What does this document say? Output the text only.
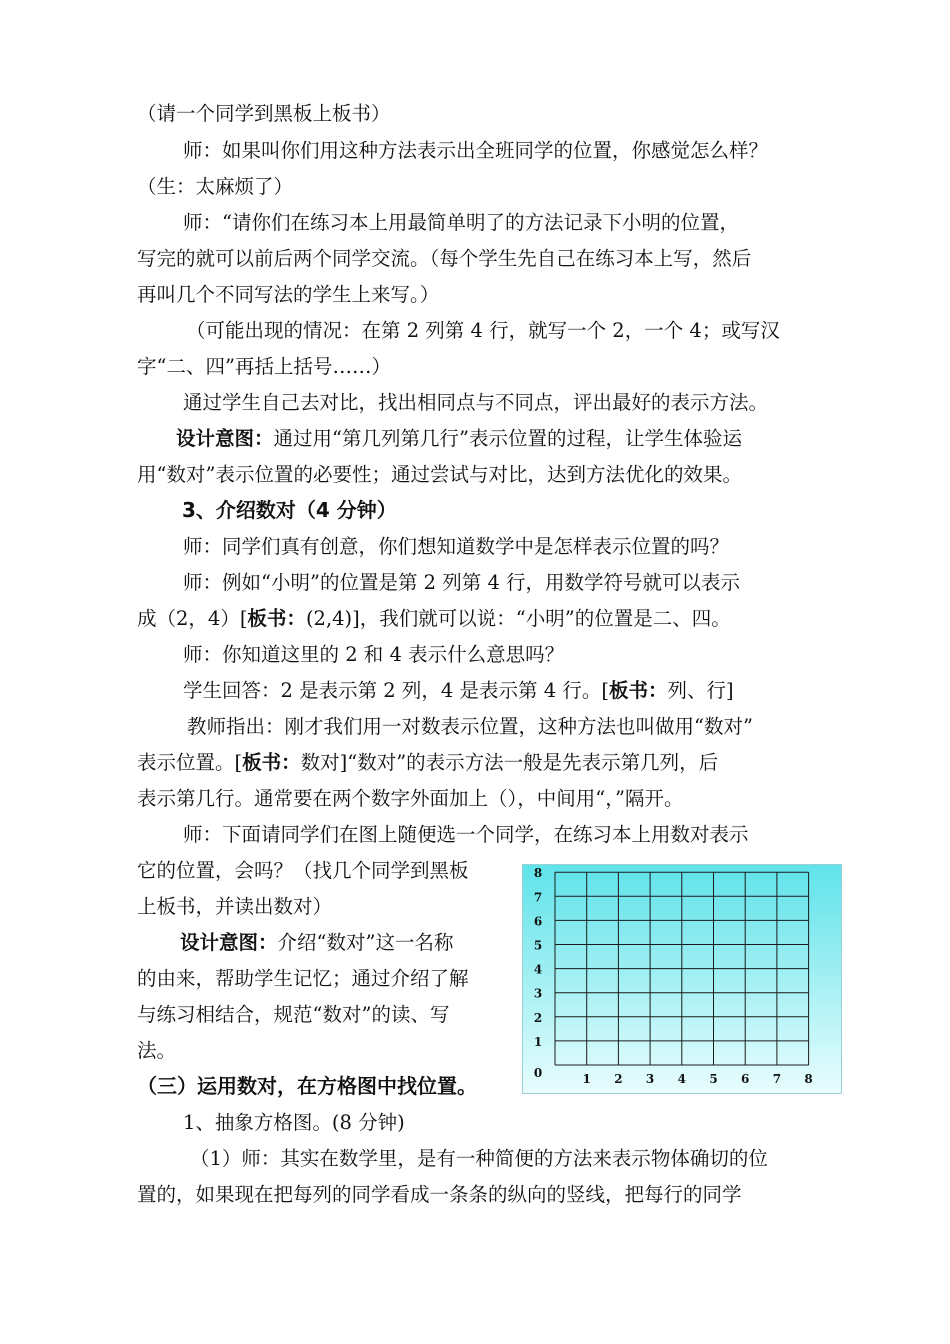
（请一个同学到黑板上板书）
师：如果叫你们用这种方法表示出全班同学的位置，你感觉怎么样？
（生：太麻烦了）
师：“请你们在练习本上用最简单明了的方法记录下小明的位置，
写完的就可以前后两个同学交流。（每个学生先自己在练习本上写，然后
再叫几个不同写法的学生上来写。）
（可能出现的情况：在第 2 列第 4 行，就写一个 2，一个 4；或写汉
字“二、四”再括上括号……）
通过学生自己去对比，找出相同点与不同点，评出最好的表示方法。
设计意图：通过用“第几列第几行”表示位置的过程，让学生体验运
用“数对”表示位置的必要性；通过尝试与对比，达到方法优化的效果。
3、介绍数对（4 分钟）
师：同学们真有创意，你们想知道数学中是怎样表示位置的吗？
师：例如“小明”的位置是第 2 列第 4 行，用数学符号就可以表示
成（2，4）[板书：(2,4)]，我们就可以说：“小明”的位置是二、四。
师：你知道这里的 2 和 4 表示什么意思吗？
学生回答：2 是表示第 2 列，4 是表示第 4 行。[板书：列、行]
教师指出：刚才我们用一对数表示位置，这种方法也叫做用“数对”
表示位置。[板书：数对]“数对”的表示方法一般是先表示第几列，后
表示第几行。通常要在两个数字外面加上（），中间用“，”隔开。
师：下面请同学们在图上随便选一个同学，在练习本上用数对表示
它的位置，会吗？（找几个同学到黑板
上板书，并读出数对）
设计意图：介绍“数对”这一名称
的由来，帮助学生记忆；通过介绍了解
与练习相结合，规范“数对”的读、写
法。
（三）运用数对，在方格图中找位置。
1、抽象方格图。(8 分钟)
（1）师：其实在数学里，是有一种简便的方法来表示物体确切的位
置的，如果现在把每列的同学看成一条条的纵向的竖线，把每行的同学
1 2 3 4 5 6 7 8
0
1
2
3
4
5
6
7
8
